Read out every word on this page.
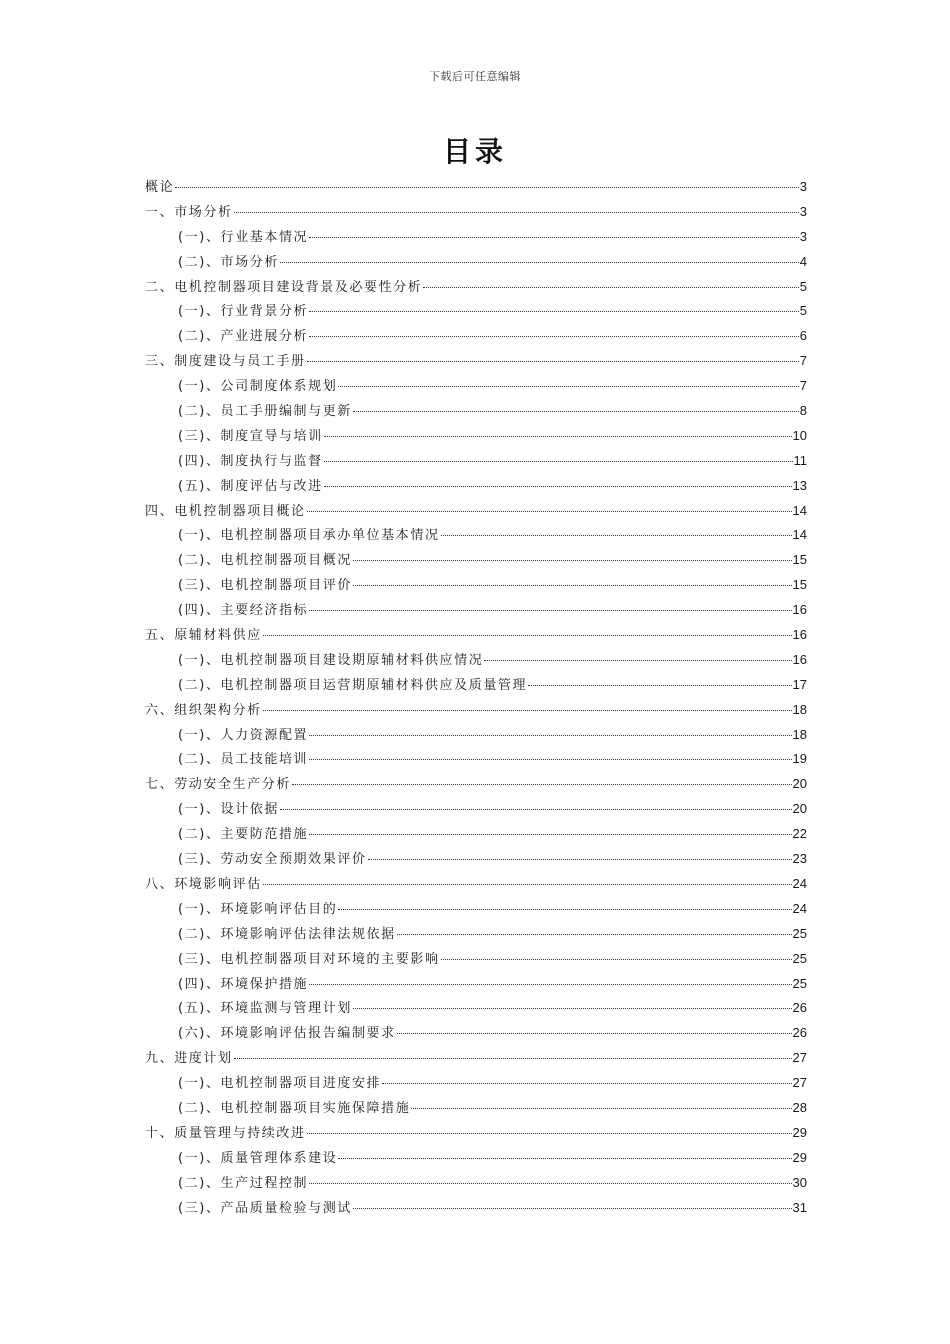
下载后可任意编辑
目录
概论	3
一、市场分析	3
(一)、行业基本情况	3
(二)、市场分析	4
二、电机控制器项目建设背景及必要性分析	5
(一)、行业背景分析	5
(二)、产业进展分析	6
三、制度建设与员工手册	7
(一)、公司制度体系规划	7
(二)、员工手册编制与更新	8
(三)、制度宣导与培训	10
(四)、制度执行与监督	11
(五)、制度评估与改进	13
四、电机控制器项目概论	14
(一)、电机控制器项目承办单位基本情况	14
(二)、电机控制器项目概况	15
(三)、电机控制器项目评价	15
(四)、主要经济指标	16
五、原辅材料供应	16
(一)、电机控制器项目建设期原辅材料供应情况	16
(二)、电机控制器项目运营期原辅材料供应及质量管理	17
六、组织架构分析	18
(一)、人力资源配置	18
(二)、员工技能培训	19
七、劳动安全生产分析	20
(一)、设计依据	20
(二)、主要防范措施	22
(三)、劳动安全预期效果评价	23
八、环境影响评估	24
(一)、环境影响评估目的	24
(二)、环境影响评估法律法规依据	25
(三)、电机控制器项目对环境的主要影响	25
(四)、环境保护措施	25
(五)、环境监测与管理计划	26
(六)、环境影响评估报告编制要求	26
九、进度计划	27
(一)、电机控制器项目进度安排	27
(二)、电机控制器项目实施保障措施	28
十、质量管理与持续改进	29
(一)、质量管理体系建设	29
(二)、生产过程控制	30
(三)、产品质量检验与测试	31
